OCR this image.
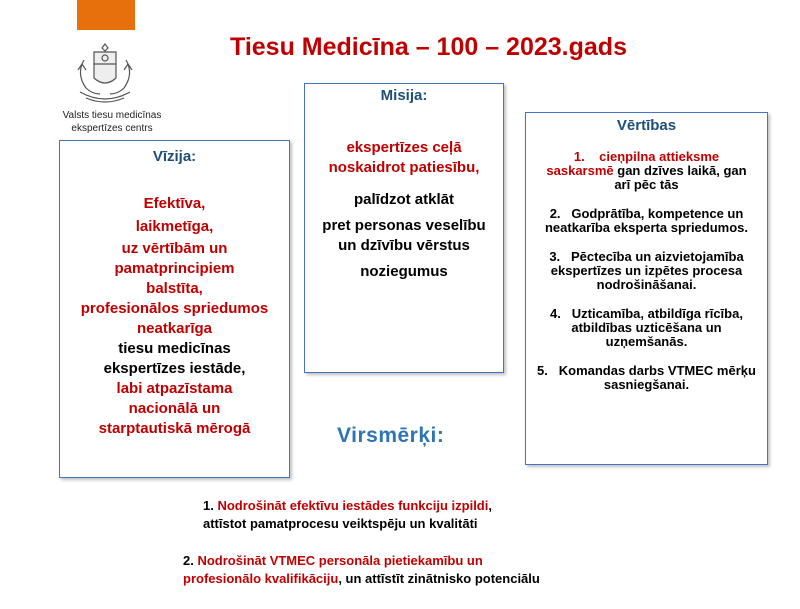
Tiesu Medicīna – 100 – 2023.gads
Valsts tiesu medicīnas
ekspertīzes centrs
Vīzija:
Efektīva,
laikmetīga,
uz vērtībām un pamatprincipiem balstīta,
profesionālos spriedumos neatkarīga
tiesu medicīnas ekspertīzes iestāde,
labi atpazīstama nacionālā un starptautiskā mērogā
Misija:
ekspertīzes ceļā noskaidrot patiesību,
palīdzot atklāt
pret personas veselību un dzīvību vērstus
noziegumus
Vērtības
1. cieņpilna attieksme saskarsmē gan dzīves laikā, gan arī pēc tās
2. Godprātība, kompetence un neatkarība eksperta spriedumos.
3. Pēctecība un aizvietojamība ekspertīzes un izpētes procesa nodrošināšanai.
4. Uzticamība, atbildīga rīcība, atbildības uzticēšana un uzņemšanās.
5. Komandas darbs VTMEC mērķu sasniegšanai.
Virsmērķi:
1. Nodrošināt efektīvu iestādes funkciju izpildi,
attīstot pamatprocesu veiktspēju un kvalitāti
2. Nodrošināt VTMEC personāla pietiekamību un
profesionālo kvalifikāciju, un attīstīt zinātnisko potenciālu
